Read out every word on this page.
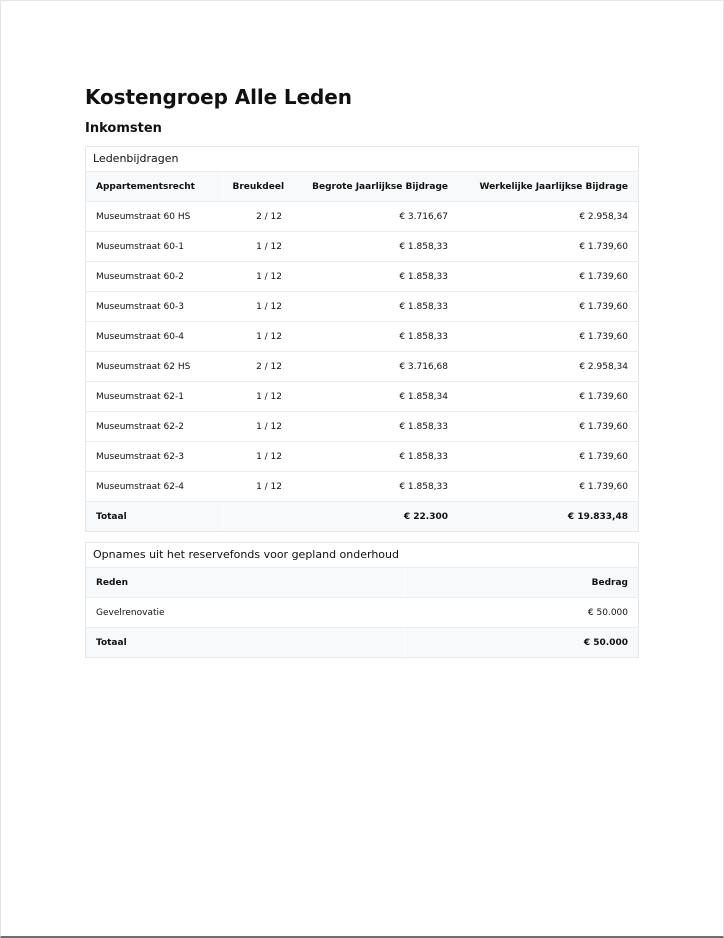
Kostengroep Alle Leden
Inkomsten
Ledenbijdragen
Appartementsrecht	Breukdeel	Begrote Jaarlijkse Bijdrage	Werkelijke Jaarlijkse Bijdrage
Museumstraat 60 HS	2 / 12	€ 3.716,67	€ 2.958,34
Museumstraat 60-1	1 / 12	€ 1.858,33	€ 1.739,60
Museumstraat 60-2	1 / 12	€ 1.858,33	€ 1.739,60
Museumstraat 60-3	1 / 12	€ 1.858,33	€ 1.739,60
Museumstraat 60-4	1 / 12	€ 1.858,33	€ 1.739,60
Museumstraat 62 HS	2 / 12	€ 3.716,68	€ 2.958,34
Museumstraat 62-1	1 / 12	€ 1.858,34	€ 1.739,60
Museumstraat 62-2	1 / 12	€ 1.858,33	€ 1.739,60
Museumstraat 62-3	1 / 12	€ 1.858,33	€ 1.739,60
Museumstraat 62-4	1 / 12	€ 1.858,33	€ 1.739,60
Totaal		€ 22.300	€ 19.833,48
Opnames uit het reservefonds voor gepland onderhoud
Reden	Bedrag
Gevelrenovatie	€ 50.000
Totaal	€ 50.000
